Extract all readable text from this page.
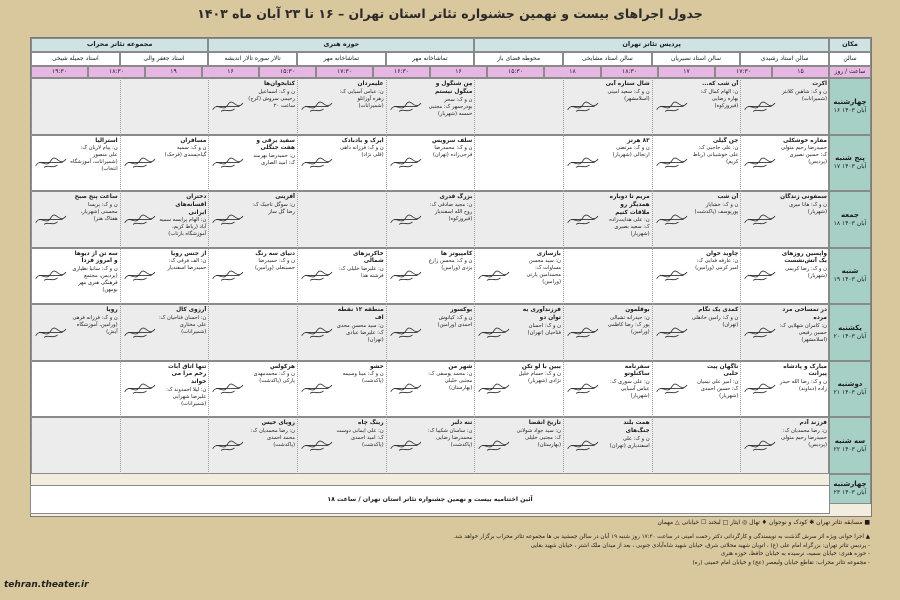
جدول اجراهای بیست و نهمین جشنواره تئاتر استان تهران – ۱۶ تا ۲۳ آبان ماه ۱۴۰۳
مکان
پردیس تئاتر تهران
حوزه هنری
مجموعه تئاتر محراب
سالن
سالن استاد رشیدی
سالن استاد نصیریان
سالن استاد مشایخی
محوطه فضای باز
تماشاخانه مهر
تماشاخانه مهر
تالار سوره تالار اندیشه
استاد جعفر والی
استاد جمیله شیخی
ساعت / روز
۱۵
۱۷:۳۰
۱۷
۱۸:۳۰
۱۸
۱۵:۳۰
۱۶
۱۶:۳۰
۱۷:۳۰
۱۵:۳۰
۱۶
۱۹
۱۸:۳۰
۱۹:۳۰
چهارشنبه
۱۶ آبان ۱۴۰۳
اکرت
ن و ک: شاهین کلانتر (شمیرانات)
آن شب که...
ن: الهام کمال ک: بهاره رضایی (فیروزکوه)
شال ستاره آبی
ن و ک: سعید امینی (اسلامشهر)
مِن شنگول و منگول نیستم
ن و ک: سحر بوذرجمهر ک: مجتبی خمسه (شهریار)
علیمردان
ن: عباس آسیایی ک: زهره آوزانلو (شمیرانات)
کتابخوان‌ها
ن و ک: اسماعیل رحیمی سروش (کرج) ساعت ۲۰
پنج شنبه
۱۷ آبان ۱۴۰۳
مفاره خوشکلی
حمیدرضا رحیم متولی ک: حسین نصیری (پردیس)
جن گیلی
ن: علی حاجبی ک: علی خوشبیانی (رباط کریم)
۸۲ هرتز
ن و ک: مرتضی ارتجالی (شهریار)
سلف سرویس
ن و ک: محمدرضا فرجی‌زاده (تهران)
ایرک و بادبادک
ن و ک: فرزانه داهی (قلی نژاد)
سفید برقی و هفت جنگلی
ن: حمیدرضا بهرمند ک: امید الصاری
مسافران
ن و ک: سمیه گیاه‌پسندی (فرحک)
استرالیا
ن: پیام لاریان ک: علی منصور (شمیرانات، آموزشگاه انتخاب)
جمعه
۱۸ آبان ۱۴۰۳
سمفونی زندگان
ن و ک: هانا میری (شهریار)
آن شب
ن و ک: خشایار پوریوسف (پاکدشت)
مریم تا دوباره همدیگر رو ملاقات کنیم
ن: علی هدایت‌زاده ک: سعید بصیری (شهریار)
بزرگ قدری
ن: مجید صادقی ک: روح الله اسفندیار (فیروزکوه)
آفرینی
ن: سوگل تاجیک ک: رضا گل ساز
دختران افسانه‌های ایرانی
ن: الهام پرایسه سمیه آباد (رباط کریم، آموزشگاه بازتاب)
ساعت پنج صبح
ن و ک: پریسا محسنی (شهریار، هفتاک هنر)
شنبه
۱۹ آبان ۱۴۰۳
واپسین روزهای یک آتش‌نشست
ن و ک: رضا کریمی (شهریار)
چاوید خوان
ن: عارفه فدایی ک: امیر کرمی (ورامین)
بازسازی
ن: سید محسن مساوات ک: محمدامین پارتی (ورامین)
کامپیوتر ها
ن و ک: محسن زارع یزدی (ورامین)
خاکریزهای شمالی
ن: علیرضا خلیلی ک: فرشته هدا
دنیای سه رنگ
ن و ک: حمیدرضا حسینعلی (ورامین)
از جنس رویا
ن: الف فرقی ک: حمیدرضا اسفندیار
سه تن از دیوها و امروز فردا
ن و ک: سانیا نظیاری (پردیس، مجتمع فرهنگی هنری مهر بومهن)
یکشنبه
۲۰ آبان ۱۴۰۳
در تمساحی مرد مرده
ن: کامران شهلایی ک: حسین رفیعی (اسلامشهر)
کمدی یک نگام
ن و ک: رامین خانقلی (تهران)
بوقلمون
ن: حیدرانه تشیالی پور ک: رضا کاظمی (ورامین)
فرزندآوری به توان دو
ن و ک: احسان فتاحیان (تهران)
بوکسور
ن و ک: کیانوش احمدی (ورامین)
منطقه ۱۲ نقطه اف
ن: سید محسن محدی ک: علیرضا عبادی (تهران)
آرزوی کال
ن: احسان فتاحیان ک: علی مختاری (شمیرانات)
رویا
ن و ک: فرزانه فرهی (ورامین، آموزشگاه آیش)
دوشنبه
۲۱ آبان ۱۴۰۳
مبارک و پادشاه پیرانت
ن و ک: رضا الله حیدر زاده (دماوند)
ناگهان پیت حلبی
ن: امیر علی نیمیان ک: حسین احمدی (شهریار)
سفرنامه ساکنلوتو
ن: علی سوری ک: عباس آسیایی (شهریار)
ببین با لو تکن
ن و ک: حسام خلیل نژادی (شهریار)
شهر من
ن: محمد یوسفی ک: مجتبی خلیلی (بهارستان)
حشو
ن و ک: مینا وسیمه (پاکدشت)
هرکولس
ن و ک: محمدمهدی پارکی (پاکدشت)
تنها اتاق آبات رخم مرا می خواند
ن: لیلا احمدوند ک: علیرضا شهرابی (شمیرانات)
سه شنبه
۲۲ آبان ۱۴۰۳
فرزند آدم
ن: رضا محمدیان ک: حمیدرضا رحیم متولی (پردیس)
همت بلند جنگ‌های
ن و ک: علی اسفندیاری (تهران)
تاریخ انقضا
ن: سید جواد شولانی ک: مجتبی خلیلی (بهارستان)
تنه دلبر
ن: ساسان شکیبا ک: محمدرضا رضایی (پاکدشت)
رینگ چاه
ن: علی ایمانی دوست ک: امید احمدی (پاکدشت)
رویای خیس
ن: رضا محمدیان ک: محمد احمدی (پاکدشت)
چهارشنبه
۲۳ آبان ۱۴۰۳
آئین اختتامیه بیست و نهمین جشنواره تئاتر استان تهران / ساعت ۱۸
■ مسابقه تئاتر تهران ✱ کودک و نوجوان ♦ تهال ◎ ایثار □ لبخند ☐ خیابانی △ مهمان
▲ اجرا خوانی ویژه اثر سرش گذشت به نویسندگی و کارگردانی دکتر رحمت امینی در ساعت ۱۷:۳۰ روز شنبه ۱۹ آبان در سالن جمشید بی ها مجموعه تئاتر محراب برگزار خواهد شد.
- پردیس تئاتر تهران: بزرگراه امام علی (ع) ، اتوبان شهید محلاتی شرق، خیابان شهید شاه‌آبادی جنوبی ، بعد از میدان ملک اشتر ، خیابان شهید بقایی
- حوزه هنری: خیابان سمیه، نرسیده به خیابان حافظ، حوزه هنری
- مجموعه تئاتر محراب: تقاطع خیابان ولیعصر (عج) و خیابان امام خمینی (ره)
tehran.theater.ir
